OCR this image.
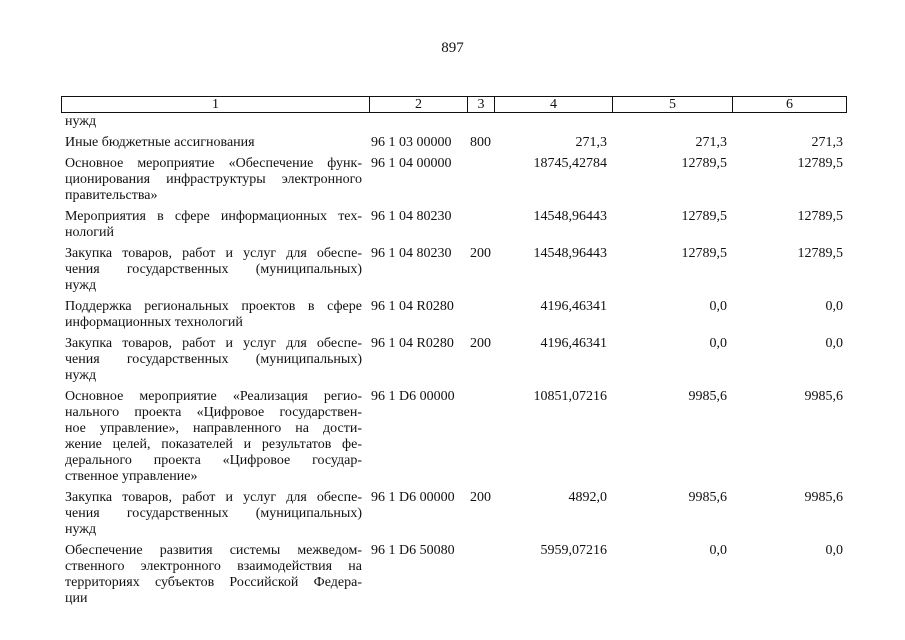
897
1	2	3	4	5	6
нужд
Иные бюджетные ассигнования	96 1 03 00000 800	271,3	271,3	271,3
Основное мероприятие «Обеспечение функ-
ционирования инфраструктуры электронного
правительства»
96 1 04 00000	18745,42784	12789,5	12789,5
Мероприятия в сфере информационных тех-
нологий
96 1 04 80230	14548,96443	12789,5	12789,5
Закупка товаров, работ и услуг для обеспе-
чения государственных (муниципальных)
нужд
96 1 04 80230 200	14548,96443	12789,5	12789,5
Поддержка региональных проектов в сфере
информационных технологий
96 1 04 R0280	4196,46341	0,0	0,0
Закупка товаров, работ и услуг для обеспе-
чения государственных (муниципальных)
нужд
96 1 04 R0280 200	4196,46341	0,0	0,0
Основное мероприятие «Реализация регио-
нального проекта «Цифровое государствен-
ное управление», направленного на дости-
жение целей, показателей и результатов фе-
дерального проекта «Цифровое государ-
ственное управление»
96 1 D6 00000	10851,07216	9985,6	9985,6
Закупка товаров, работ и услуг для обеспе-
чения государственных (муниципальных)
нужд
96 1 D6 00000 200	4892,0	9985,6	9985,6
Обеспечение развития системы межведом-
ственного электронного взаимодействия на
территориях субъектов Российской Федера-
ции
96 1 D6 50080	5959,07216	0,0	0,0
